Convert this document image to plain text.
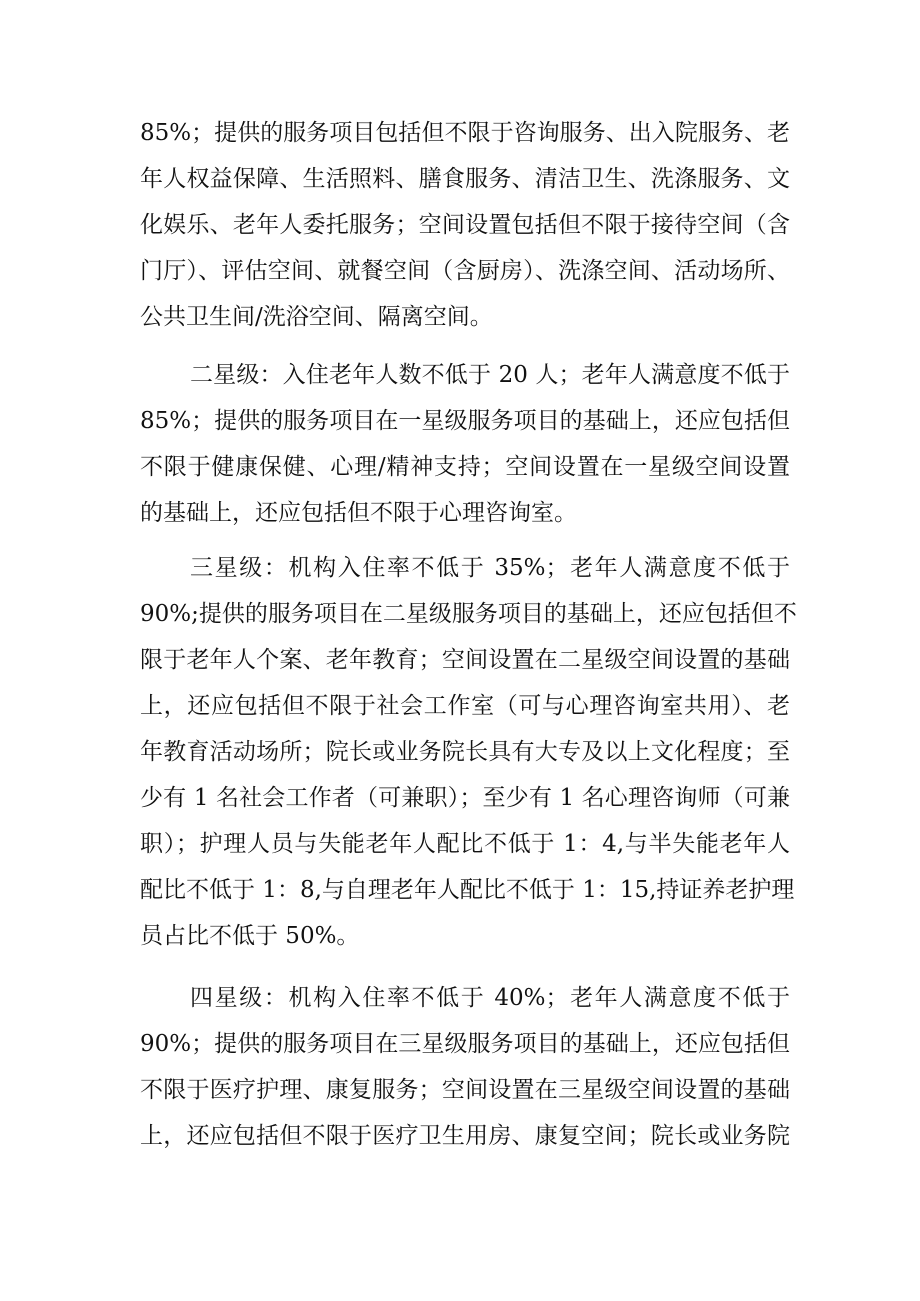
85%；提供的服务项目包括但不限于咨询服务、出入院服务、老
年人权益保障、生活照料、膳食服务、清洁卫生、洗涤服务、文
化娱乐、老年人委托服务；空间设置包括但不限于接待空间（含
门厅）、评估空间、就餐空间（含厨房）、洗涤空间、活动场所、
公共卫生间/洗浴空间、隔离空间。
二星级：入住老年人数不低于 20 人；老年人满意度不低于
85%；提供的服务项目在一星级服务项目的基础上，还应包括但
不限于健康保健、心理/精神支持；空间设置在一星级空间设置
的基础上，还应包括但不限于心理咨询室。
三星级：机构入住率不低于 35%；老年人满意度不低于
90%;提供的服务项目在二星级服务项目的基础上，还应包括但不
限于老年人个案、老年教育；空间设置在二星级空间设置的基础
上，还应包括但不限于社会工作室（可与心理咨询室共用）、老
年教育活动场所；院长或业务院长具有大专及以上文化程度；至
少有 1 名社会工作者（可兼职）；至少有 1 名心理咨询师（可兼
职）；护理人员与失能老年人配比不低于 1：4,与半失能老年人
配比不低于 1：8,与自理老年人配比不低于 1：15,持证养老护理
员占比不低于 50%。
四星级：机构入住率不低于 40%；老年人满意度不低于
90%；提供的服务项目在三星级服务项目的基础上，还应包括但
不限于医疗护理、康复服务；空间设置在三星级空间设置的基础
上，还应包括但不限于医疗卫生用房、康复空间；院长或业务院
